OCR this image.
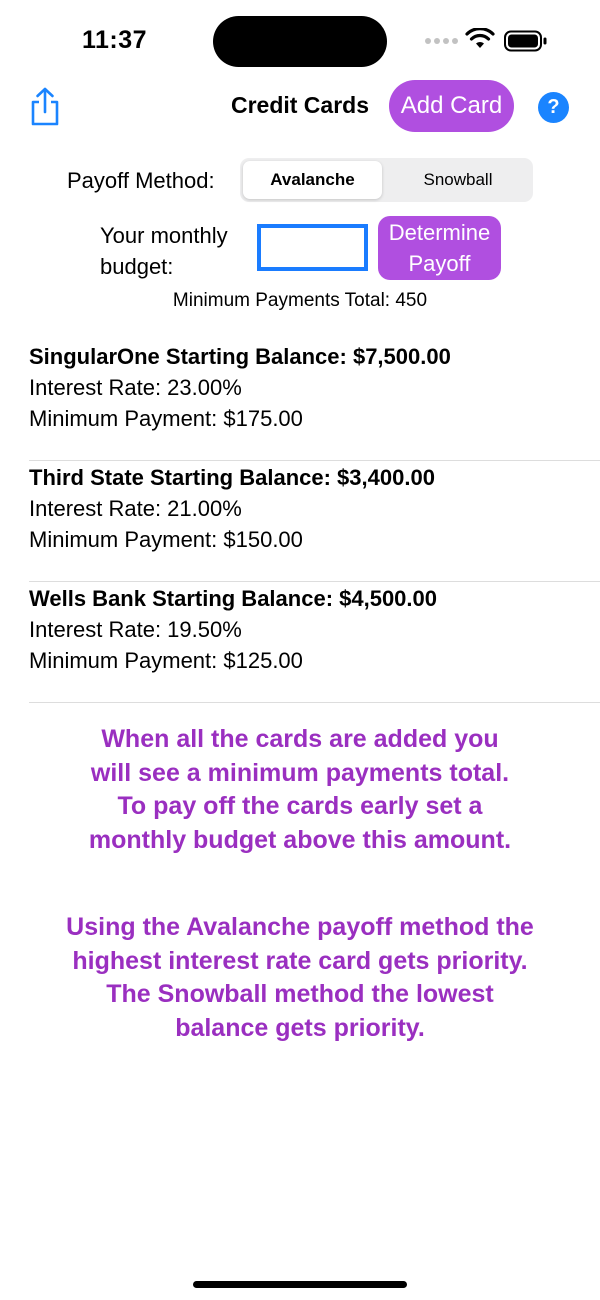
11:37
Credit Cards	Add Card	?
Payoff Method:	Avalanche	Snowball
Your monthly
budget:
Determine
Payoff
Minimum Payments Total: 450
SingularOne Starting Balance: $7,500.00
Interest Rate: 23.00%
Minimum Payment: $175.00
Third State Starting Balance: $3,400.00
Interest Rate: 21.00%
Minimum Payment: $150.00
Wells Bank Starting Balance: $4,500.00
Interest Rate: 19.50%
Minimum Payment: $125.00
When all the cards are added you
will see a minimum payments total.
To pay off the cards early set a
monthly budget above this amount.
Using the Avalanche payoff method the
highest interest rate card gets priority.
The Snowball method the lowest
balance gets priority.
